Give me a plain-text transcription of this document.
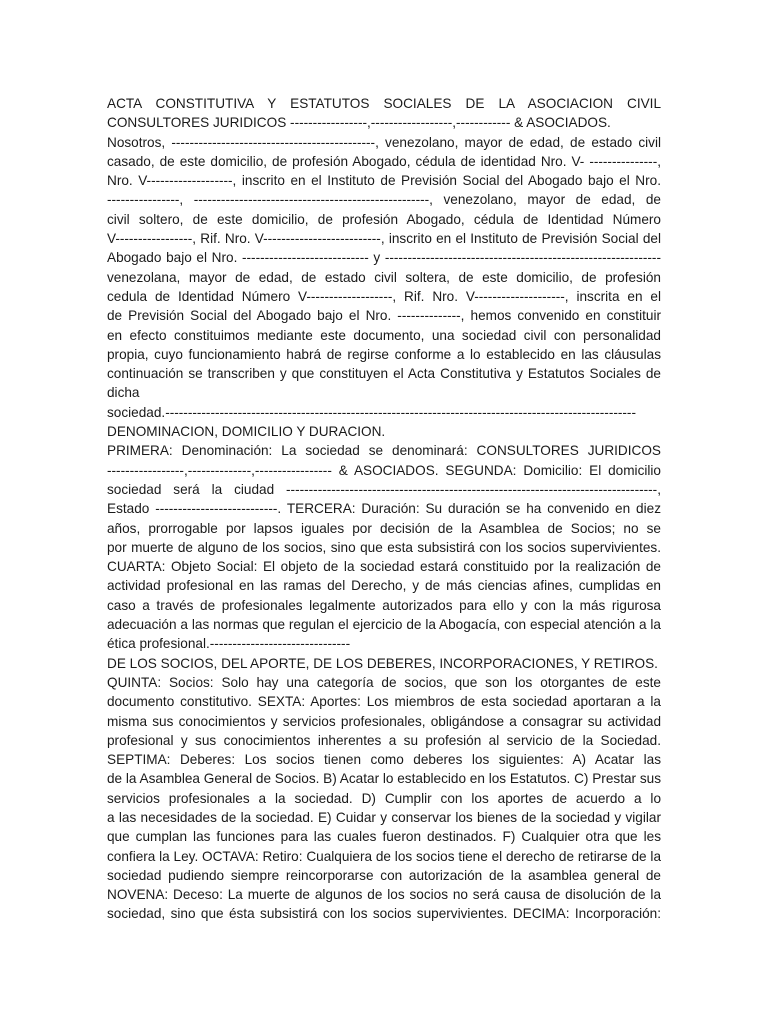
ACTA CONSTITUTIVA Y ESTATUTOS SOCIALES DE LA ASOCIACION CIVIL
CONSULTORES JURIDICOS -----------------,------------------,------------ & ASOCIADOS.
Nosotros, ---------------------------------------------, venezolano, mayor de edad, de estado civil
casado, de este domicilio, de profesión Abogado, cédula de identidad Nro. V- ---------------,
Nro. V-------------------, inscrito en el Instituto de Previsión Social del Abogado bajo el Nro.
----------------, ----------------------------------------------------, venezolano, mayor de edad, de
civil soltero, de este domicilio, de profesión Abogado, cédula de Identidad Número
V-----------------, Rif. Nro. V--------------------------, inscrito en el Instituto de Previsión Social del
Abogado bajo el Nro. ---------------------------- y -------------------------------------------------------------
venezolana, mayor de edad, de estado civil soltera, de este domicilio, de profesión
cedula de Identidad Número V-------------------, Rif. Nro. V--------------------, inscrita en el
de Previsión Social del Abogado bajo el Nro. --------------, hemos convenido en constituir
en efecto constituimos mediante este documento, una sociedad civil con personalidad
propia, cuyo funcionamiento habrá de regirse conforme a lo establecido en las cláusulas
continuación se transcriben y que constituyen el Acta Constitutiva y Estatutos Sociales de
dicha
sociedad.--------------------------------------------------------------------------------------------------------
DENOMINACION, DOMICILIO Y DURACION.
PRIMERA: Denominación: La sociedad se denominará: CONSULTORES JURIDICOS
-----------------,--------------,----------------- & ASOCIADOS. SEGUNDA: Domicilio: El domicilio
sociedad será la ciudad ----------------------------------------------------------------------------------,
Estado ---------------------------. TERCERA: Duración: Su duración se ha convenido en diez
años, prorrogable por lapsos iguales por decisión de la Asamblea de Socios; no se
por muerte de alguno de los socios, sino que esta subsistirá con los socios supervivientes.
CUARTA: Objeto Social: El objeto de la sociedad estará constituido por la realización de
actividad profesional en las ramas del Derecho, y de más ciencias afines, cumplidas en
caso a través de profesionales legalmente autorizados para ello y con la más rigurosa
adecuación a las normas que regulan el ejercicio de la Abogacía, con especial atención a la
ética profesional.-------------------------------
DE LOS SOCIOS, DEL APORTE, DE LOS DEBERES, INCORPORACIONES, Y RETIROS.
QUINTA: Socios: Solo hay una categoría de socios, que son los otorgantes de este
documento constitutivo. SEXTA: Aportes: Los miembros de esta sociedad aportaran a la
misma sus conocimientos y servicios profesionales, obligándose a consagrar su actividad
profesional y sus conocimientos inherentes a su profesión al servicio de la Sociedad.
SEPTIMA: Deberes: Los socios tienen como deberes los siguientes: A) Acatar las
de la Asamblea General de Socios. B) Acatar lo establecido en los Estatutos. C) Prestar sus
servicios profesionales a la sociedad. D) Cumplir con los aportes de acuerdo a lo
a las necesidades de la sociedad. E) Cuidar y conservar los bienes de la sociedad y vigilar
que cumplan las funciones para las cuales fueron destinados. F) Cualquier otra que les
confiera la Ley. OCTAVA: Retiro: Cualquiera de los socios tiene el derecho de retirarse de la
sociedad pudiendo siempre reincorporarse con autorización de la asamblea general de
NOVENA: Deceso: La muerte de algunos de los socios no será causa de disolución de la
sociedad, sino que ésta subsistirá con los socios supervivientes. DECIMA: Incorporación:
